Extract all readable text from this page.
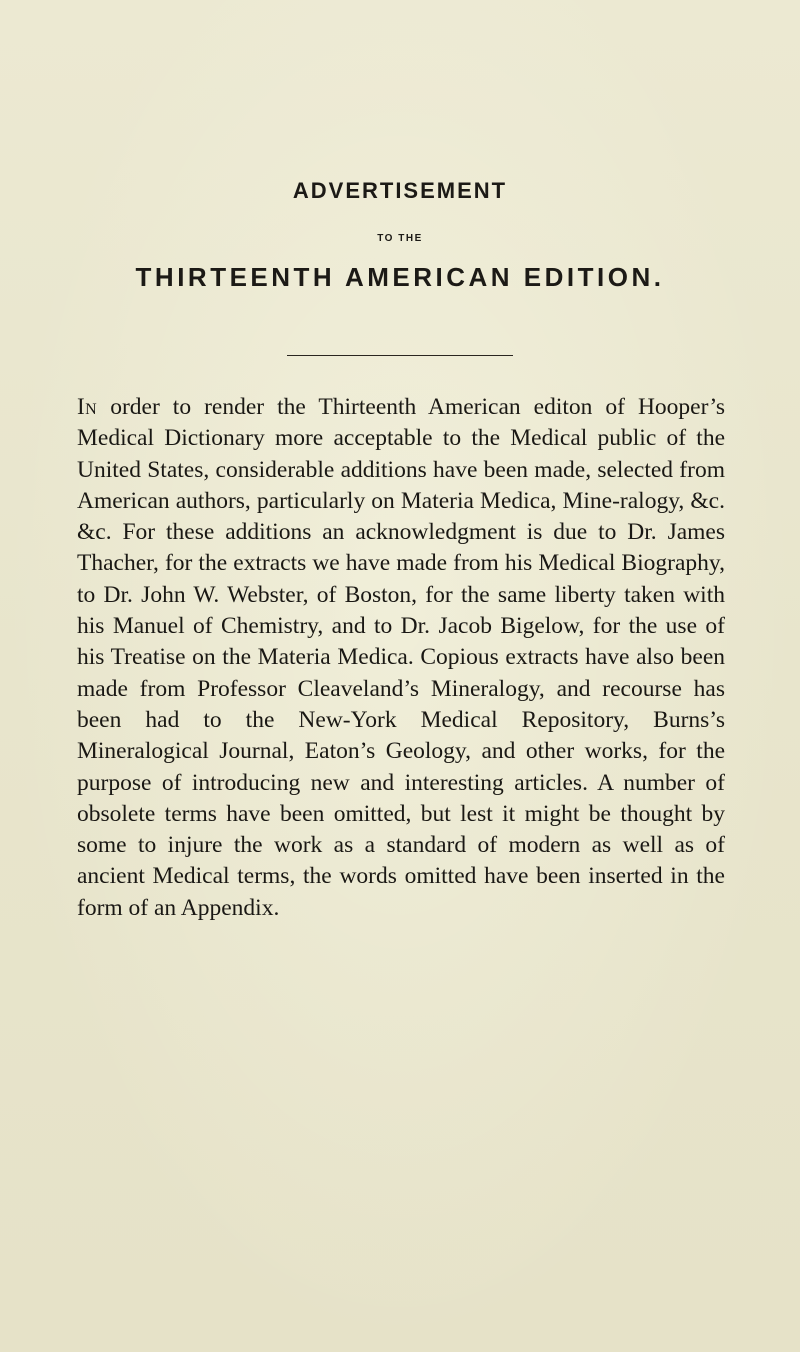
ADVERTISEMENT
TO THE
THIRTEENTH AMERICAN EDITION.

In order to render the Thirteenth American editon of Hooper’s Medical Dictionary more acceptable to the Medical public of the United States, considerable additions have been made, selected from American authors, particularly on Materia Medica, Mine-ralogy, &c. &c. For these additions an acknowledgment is due to Dr. James Thacher, for the extracts we have made from his Medical Biography, to Dr. John W. Webster, of Boston, for the same liberty taken with his Manuel of Chemistry, and to Dr. Jacob Bigelow, for the use of his Treatise on the Materia Medica. Copious extracts have also been made from Professor Cleaveland’s Mineralogy, and recourse has been had to the New-York Medical Repository, Burns’s Mineralogical Journal, Eaton’s Geology, and other works, for the purpose of introducing new and interesting articles. A number of obsolete terms have been omitted, but lest it might be thought by some to injure the work as a standard of modern as well as of ancient Medical terms, the words omitted have been inserted in the form of an Appendix.
